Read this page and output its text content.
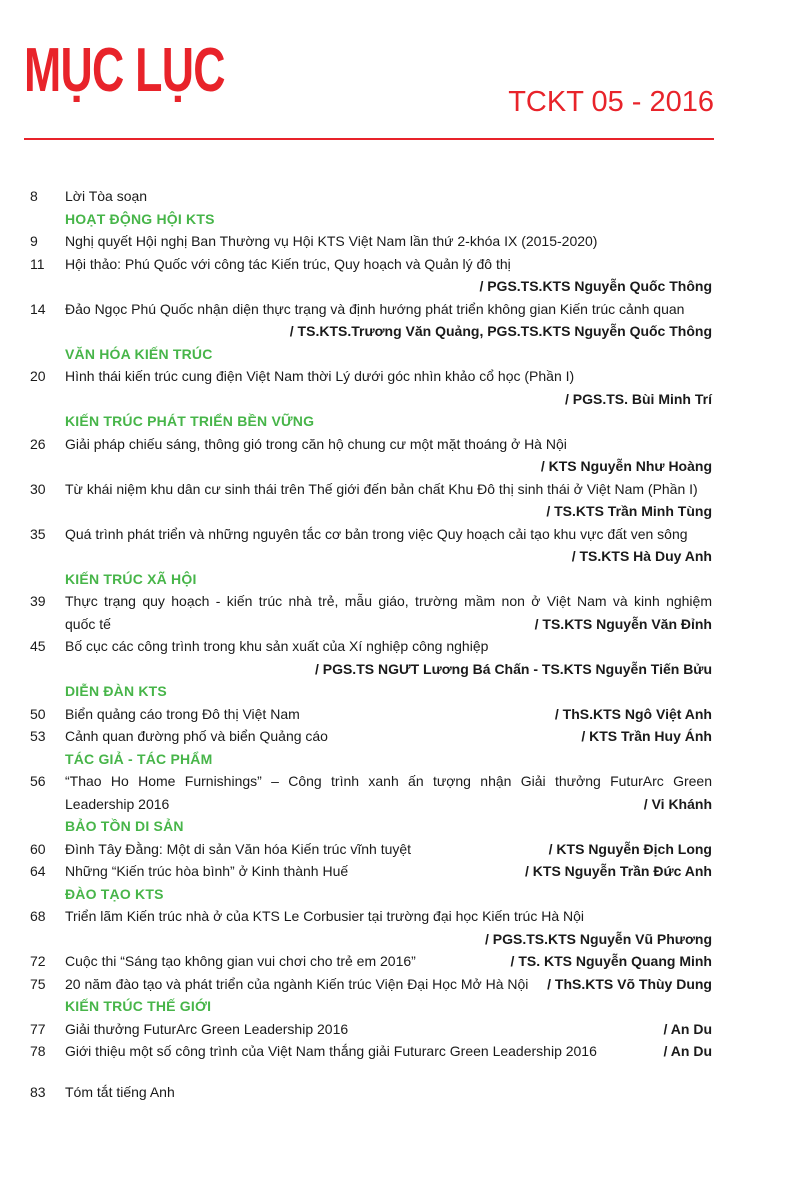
MỤC LỤC	TCKT 05 - 2016
8 Lời Tòa soạn
HOẠT ĐỘNG HỘI KTS
9 Nghị quyết Hội nghị Ban Thường vụ Hội KTS Việt Nam lần thứ 2-khóa IX (2015-2020)
11 Hội thảo: Phú Quốc với công tác Kiến trúc, Quy hoạch và Quản lý đô thị
/ PGS.TS.KTS Nguyễn Quốc Thông
14 Đảo Ngọc Phú Quốc nhận diện thực trạng và định hướng phát triển không gian Kiến trúc cảnh quan
/ TS.KTS.Trương Văn Quảng, PGS.TS.KTS Nguyễn Quốc Thông
VĂN HÓA KIẾN TRÚC
20 Hình thái kiến trúc cung điện Việt Nam thời Lý dưới góc nhìn khảo cổ học (Phần I)
/ PGS.TS. Bùi Minh Trí
KIẾN TRÚC PHÁT TRIỂN BỀN VỮNG
26 Giải pháp chiếu sáng, thông gió trong căn hộ chung cư một mặt thoáng ở Hà Nội
/ KTS Nguyễn Như Hoàng
30 Từ khái niệm khu dân cư sinh thái trên Thế giới đến bản chất Khu Đô thị sinh thái ở Việt Nam (Phần I)
/ TS.KTS Trần Minh Tùng
35 Quá trình phát triển và những nguyên tắc cơ bản trong việc Quy hoạch cải tạo khu vực đất ven sông
/ TS.KTS Hà Duy Anh
KIẾN TRÚC XÃ HỘI
39 Thực trạng quy hoạch - kiến trúc nhà trẻ, mẫu giáo, trường mầm non ở Việt Nam và kinh nghiệm
quốc tế	/ TS.KTS Nguyễn Văn Đỉnh
45 Bố cục các công trình trong khu sản xuất của Xí nghiệp công nghiệp
/ PGS.TS NGƯT Lương Bá Chấn - TS.KTS Nguyễn Tiến Bửu
DIỄN ĐÀN KTS
50 Biển quảng cáo trong Đô thị Việt Nam	/ ThS.KTS Ngô Việt Anh
53 Cảnh quan đường phố và biển Quảng cáo	/ KTS Trần Huy Ánh
TÁC GIẢ - TÁC PHẨM
56 “Thao Ho Home Furnishings” – Công trình xanh ấn tượng nhận Giải thưởng FuturArc Green
Leadership 2016	/ Vi Khánh
BẢO TỒN DI SẢN
60 Đình Tây Đằng: Một di sản Văn hóa Kiến trúc vĩnh tuyệt	/ KTS Nguyễn Địch Long
64 Những “Kiến trúc hòa bình” ở Kinh thành Huế	/ KTS Nguyễn Trần Đức Anh
ĐÀO TẠO KTS
68 Triển lãm Kiến trúc nhà ở của KTS Le Corbusier tại trường đại học Kiến trúc Hà Nội
/ PGS.TS.KTS Nguyễn Vũ Phương
72 Cuộc thi “Sáng tạo không gian vui chơi cho trẻ em 2016”	/ TS. KTS Nguyễn Quang Minh
75 20 năm đào tạo và phát triển của ngành Kiến trúc Viện Đại Học Mở Hà Nội / ThS.KTS Võ Thùy Dung
KIẾN TRÚC THẾ GIỚI
77 Giải thưởng FuturArc Green Leadership 2016	/ An Du
78 Giới thiệu một số công trình của Việt Nam thắng giải Futurarc Green Leadership 2016	/ An Du
83 Tóm tắt tiếng Anh
